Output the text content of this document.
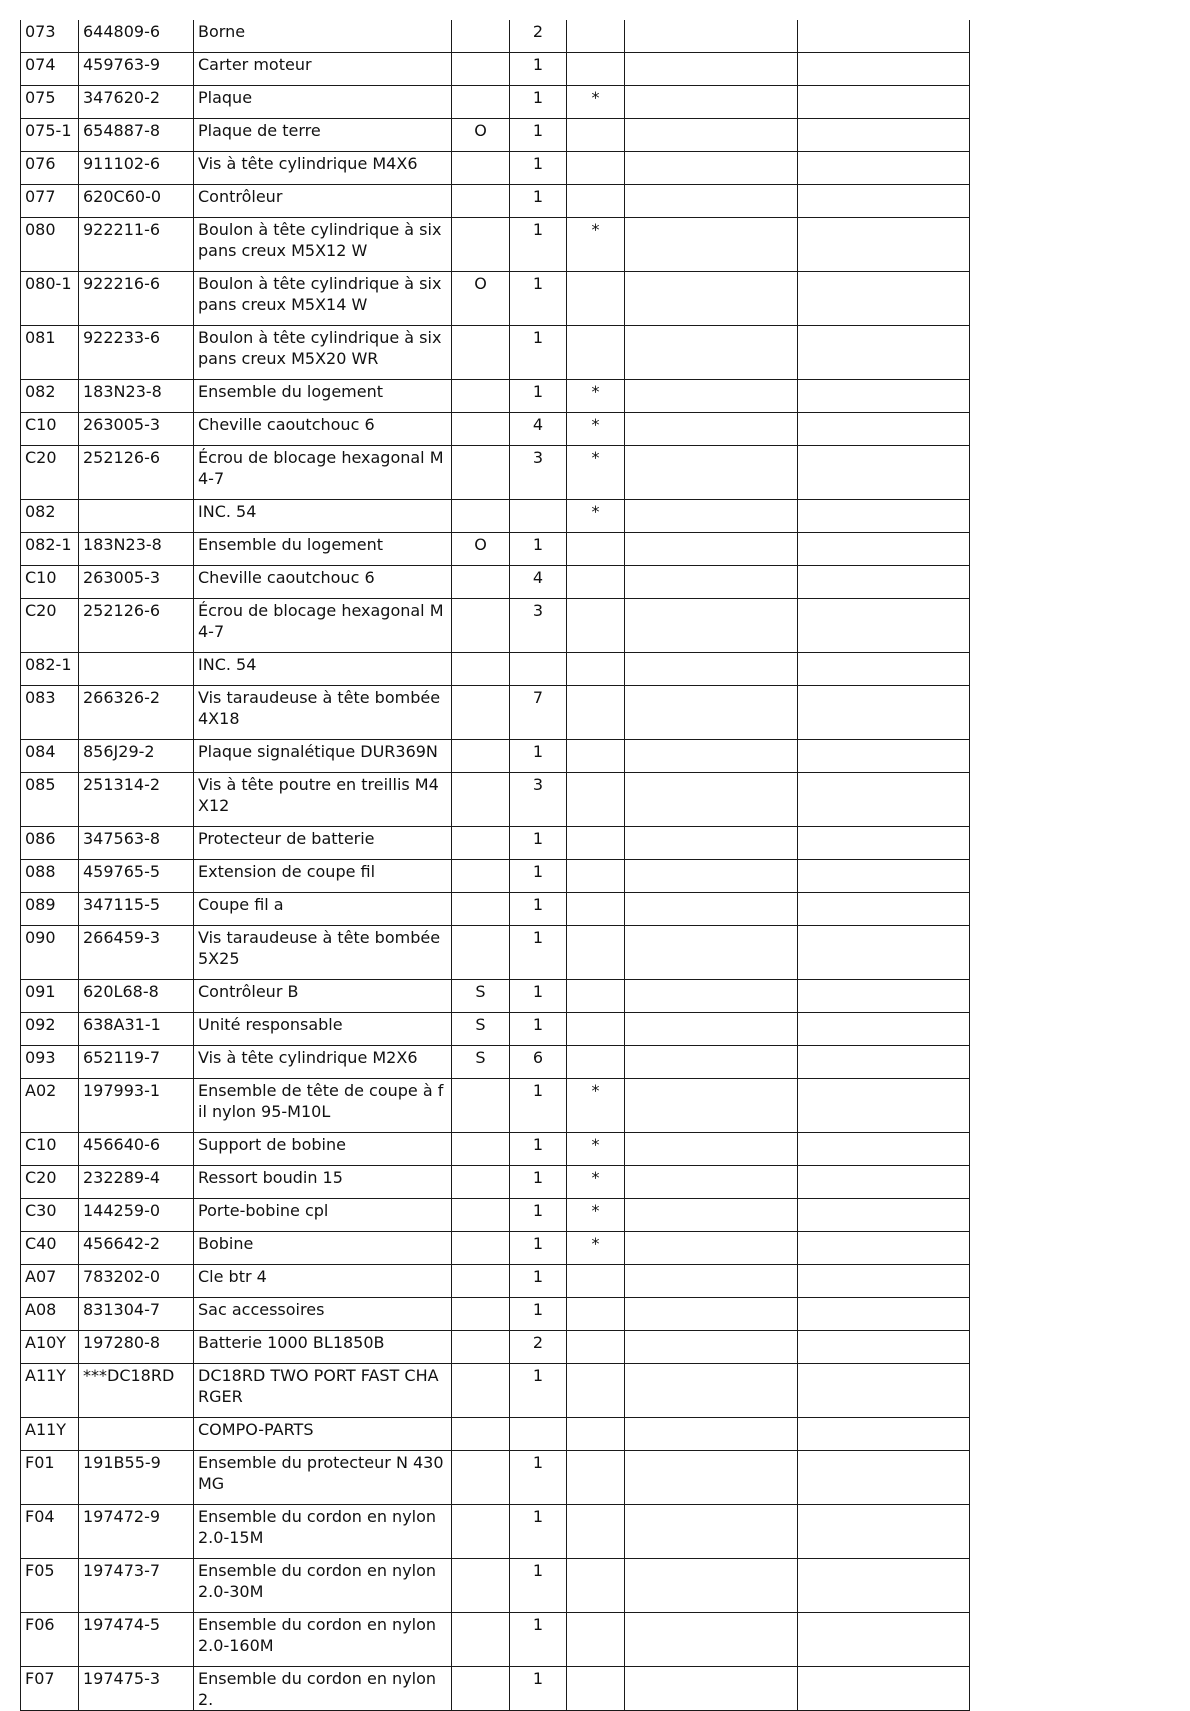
073	644809-6	Borne		2			
074	459763-9	Carter moteur		1			
075	347620-2	Plaque		1	*		
075-1	654887-8	Plaque de terre	O	1			
076	911102-6	Vis à tête cylindrique M4X6		1			
077	620C60-0	Contrôleur		1			
080	922211-6	Boulon à tête cylindrique à six pans creux M5X12 W		1	*		
080-1	922216-6	Boulon à tête cylindrique à six pans creux M5X14 W	O	1			
081	922233-6	Boulon à tête cylindrique à six pans creux M5X20 WR		1			
082	183N23-8	Ensemble du logement		1	*		
C10	263005-3	Cheville caoutchouc 6		4	*		
C20	252126-6	Écrou de blocage hexagonal M4-7		3	*		
082		INC. 54			*		
082-1	183N23-8	Ensemble du logement	O	1			
C10	263005-3	Cheville caoutchouc 6		4			
C20	252126-6	Écrou de blocage hexagonal M4-7		3			
082-1		INC. 54					
083	266326-2	Vis taraudeuse à tête bombée 4X18		7			
084	856J29-2	Plaque signalétique DUR369N		1			
085	251314-2	Vis à tête poutre en treillis M4X12		3			
086	347563-8	Protecteur de batterie		1			
088	459765-5	Extension de coupe fil		1			
089	347115-5	Coupe fil a		1			
090	266459-3	Vis taraudeuse à tête bombée 5X25		1			
091	620L68-8	Contrôleur B	S	1			
092	638A31-1	Unité responsable	S	1			
093	652119-7	Vis à tête cylindrique M2X6	S	6			
A02	197993-1	Ensemble de tête de coupe à fil nylon 95-M10L		1	*		
C10	456640-6	Support de bobine		1	*		
C20	232289-4	Ressort boudin 15		1	*		
C30	144259-0	Porte-bobine cpl		1	*		
C40	456642-2	Bobine		1	*		
A07	783202-0	Cle btr 4		1			
A08	831304-7	Sac accessoires		1			
A10Y	197280-8	Batterie 1000 BL1850B		2			
A11Y	***DC18RD	DC18RD TWO PORT FAST CHARGER		1			
A11Y		COMPO-PARTS					
F01	191B55-9	Ensemble du protecteur N 430 MG		1			
F04	197472-9	Ensemble du cordon en nylon 2.0-15M		1			
F05	197473-7	Ensemble du cordon en nylon 2.0-30M		1			
F06	197474-5	Ensemble du cordon en nylon 2.0-160M		1			
F07	197475-3	Ensemble du cordon en nylon 2.		1			
